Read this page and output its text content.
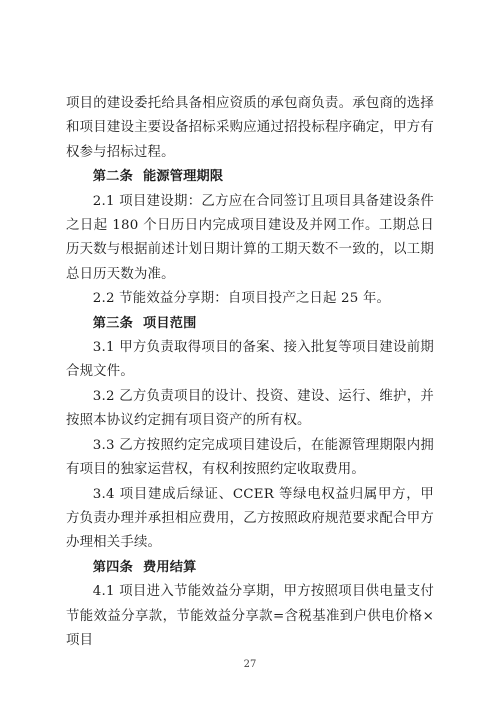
项目的建设委托给具备相应资质的承包商负责。承包商的选择和项目建设主要设备招标采购应通过招投标程序确定，甲方有权参与招标过程。

第二条 能源管理期限

2.1 项目建设期：乙方应在合同签订且项目具备建设条件之日起 180 个日历日内完成项目建设及并网工作。工期总日历天数与根据前述计划日期计算的工期天数不一致的，以工期总日历天数为准。

2.2 节能效益分享期：自项目投产之日起 25 年。

第三条 项目范围

3.1 甲方负责取得项目的备案、接入批复等项目建设前期合规文件。

3.2 乙方负责项目的设计、投资、建设、运行、维护，并按照本协议约定拥有项目资产的所有权。

3.3 乙方按照约定完成项目建设后，在能源管理期限内拥有项目的独家运营权，有权利按照约定收取费用。

3.4 项目建成后绿证、CCER 等绿电权益归属甲方，甲方负责办理并承担相应费用，乙方按照政府规范要求配合甲方办理相关手续。

第四条 费用结算

4.1 项目进入节能效益分享期，甲方按照项目供电量支付节能效益分享款，节能效益分享款=含税基准到户供电价格×项目

27
